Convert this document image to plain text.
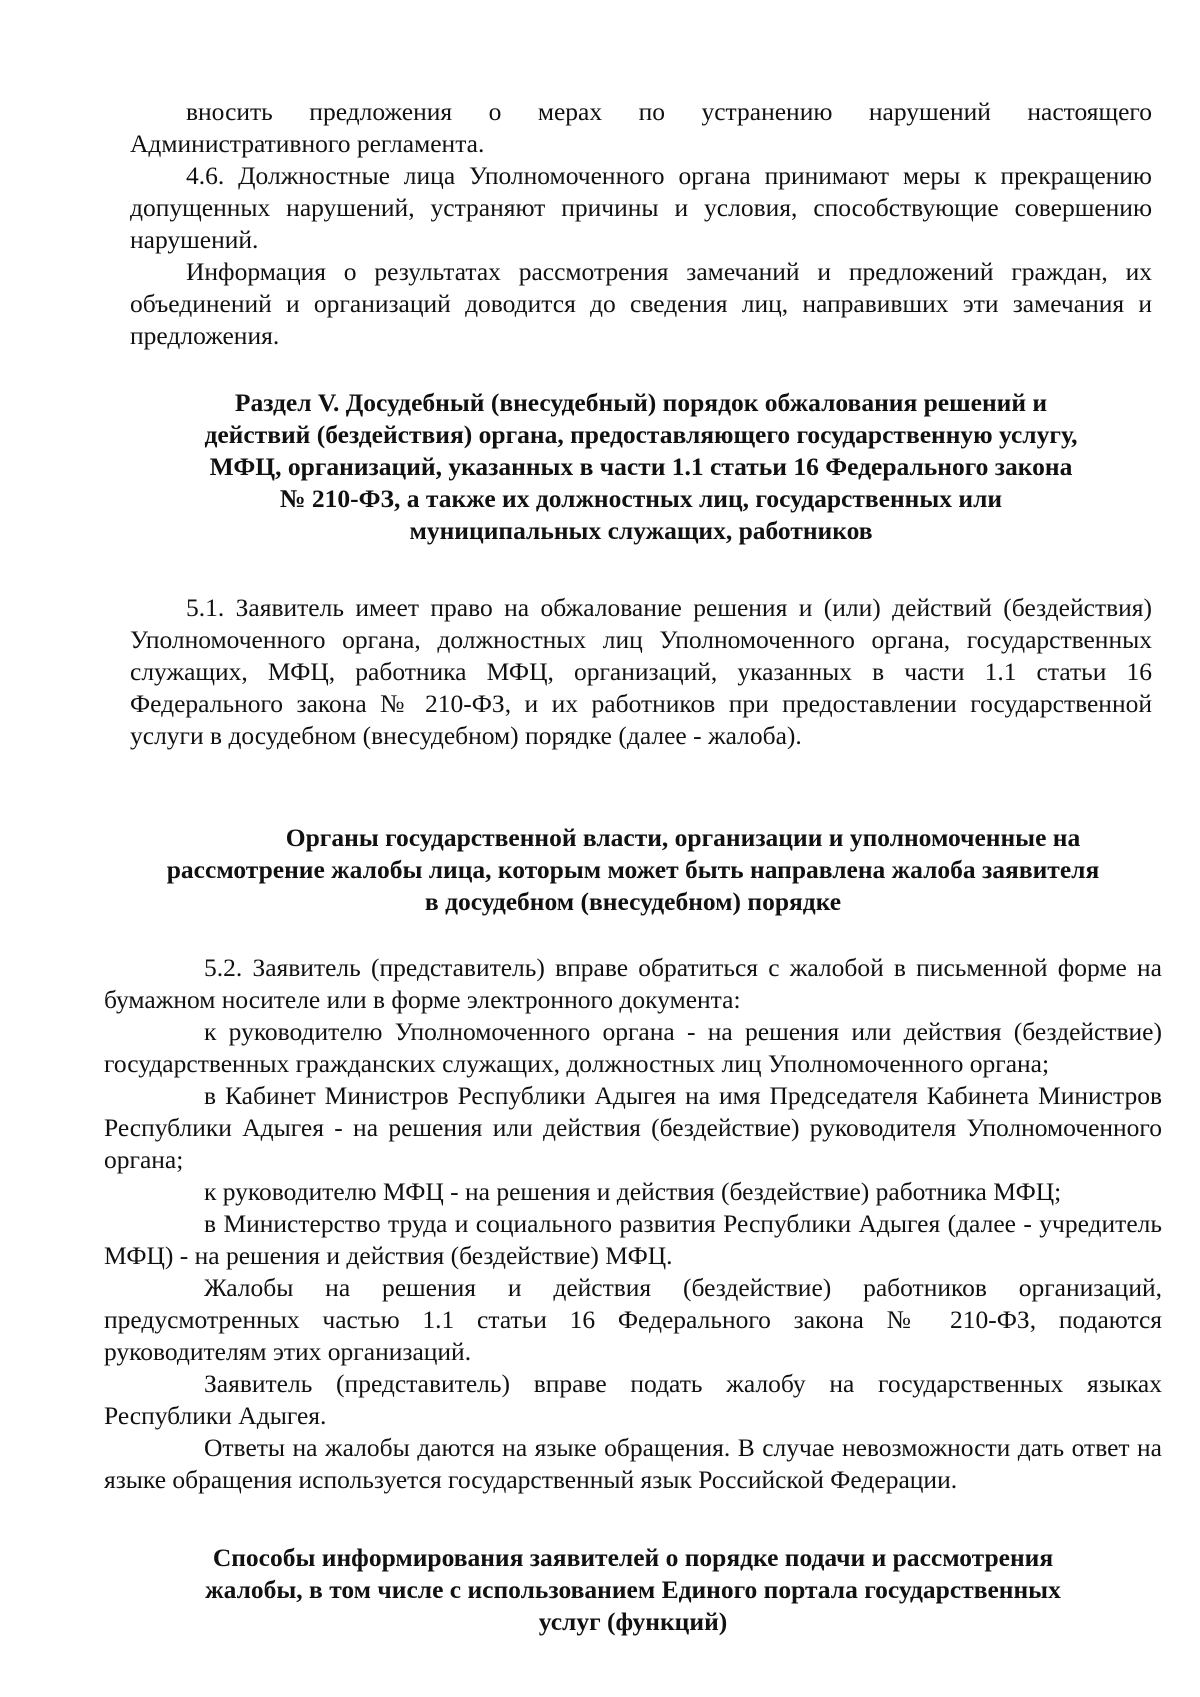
вносить предложения о мерах по устранению нарушений настоящего Административного регламента.

4.6. Должностные лица Уполномоченного органа принимают меры к прекращению допущенных нарушений, устраняют причины и условия, способствующие совершению нарушений.

Информация о результатах рассмотрения замечаний и предложений граждан, их объединений и организаций доводится до сведения лиц, направивших эти замечания и предложения.

Раздел V. Досудебный (внесудебный) порядок обжалования решений и
действий (бездействия) органа, предоставляющего государственную услугу,
МФЦ, организаций, указанных в части 1.1 статьи 16 Федерального закона
№ 210-ФЗ, а также их должностных лиц, государственных или
муниципальных служащих, работников

5.1. Заявитель имеет право на обжалование решения и (или) действий (бездействия) Уполномоченного органа, должностных лиц Уполномоченного органа, государственных служащих, МФЦ, работника МФЦ, организаций, указанных в части 1.1 статьи 16 Федерального закона № 210-ФЗ, и их работников при предоставлении государственной услуги в досудебном (внесудебном) порядке (далее - жалоба).

Органы государственной власти, организации и уполномоченные на
рассмотрение жалобы лица, которым может быть направлена жалоба заявителя
в досудебном (внесудебном) порядке

5.2. Заявитель (представитель) вправе обратиться с жалобой в письменной форме на бумажном носителе или в форме электронного документа:

к руководителю Уполномоченного органа - на решения или действия (бездействие) государственных гражданских служащих, должностных лиц Уполномоченного органа;

в Кабинет Министров Республики Адыгея на имя Председателя Кабинета Министров Республики Адыгея - на решения или действия (бездействие) руководителя Уполномоченного органа;

к руководителю МФЦ - на решения и действия (бездействие) работника МФЦ;

в Министерство труда и социального развития Республики Адыгея (далее - учредитель МФЦ) - на решения и действия (бездействие) МФЦ.

Жалобы на решения и действия (бездействие) работников организаций, предусмотренных частью 1.1 статьи 16 Федерального закона № 210-ФЗ, подаются руководителям этих организаций.

Заявитель (представитель) вправе подать жалобу на государственных языках Республики Адыгея.

Ответы на жалобы даются на языке обращения. В случае невозможности дать ответ на языке обращения используется государственный язык Российской Федерации.

Способы информирования заявителей о порядке подачи и рассмотрения
жалобы, в том числе с использованием Единого портала государственных
услуг (функций)
